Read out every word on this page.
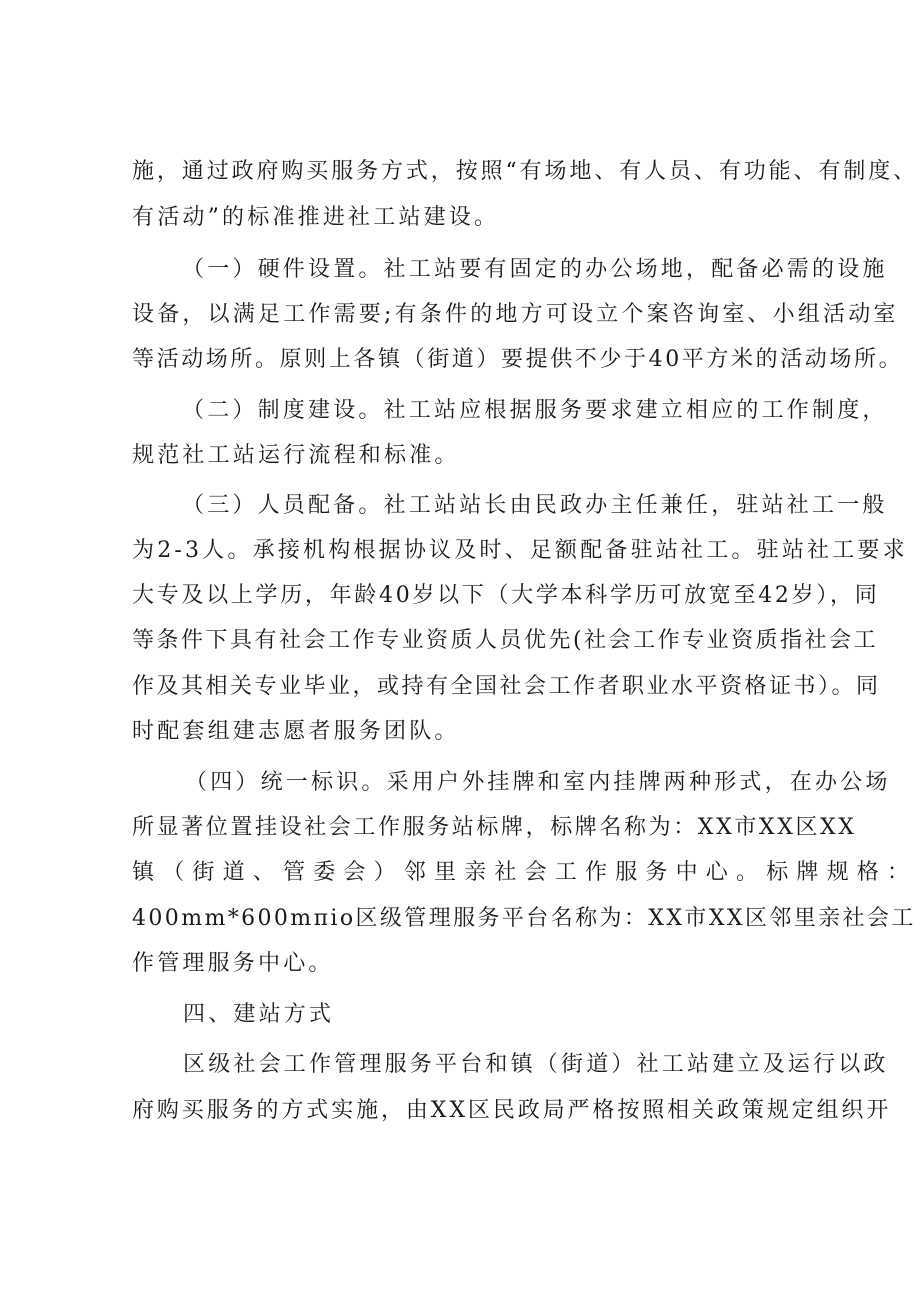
施，通过政府购买服务方式，按照“有场地、有人员、有功能、有制度、
有活动”的标准推进社工站建设。
（一）硬件设置。社工站要有固定的办公场地，配备必需的设施
设备，以满足工作需要;有条件的地方可设立个案咨询室、小组活动室
等活动场所。原则上各镇（街道）要提供不少于40平方米的活动场所。
（二）制度建设。社工站应根据服务要求建立相应的工作制度，
规范社工站运行流程和标准。
（三）人员配备。社工站站长由民政办主任兼任，驻站社工一般
为2-3人。承接机构根据协议及时、足额配备驻站社工。驻站社工要求
大专及以上学历，年龄40岁以下（大学本科学历可放宽至42岁），同
等条件下具有社会工作专业资质人员优先(社会工作专业资质指社会工
作及其相关专业毕业，或持有全国社会工作者职业水平资格证书）。同
时配套组建志愿者服务团队。
（四）统一标识。采用户外挂牌和室内挂牌两种形式，在办公场
所显著位置挂设社会工作服务站标牌，标牌名称为：XX市XX区XX
镇（街道、管委会）邻里亲社会工作服务中心。标牌规格：
400mm*600mπio区级管理服务平台名称为：XX市XX区邻里亲社会工
作管理服务中心。
四、建站方式
区级社会工作管理服务平台和镇（街道）社工站建立及运行以政
府购买服务的方式实施，由XX区民政局严格按照相关政策规定组织开
